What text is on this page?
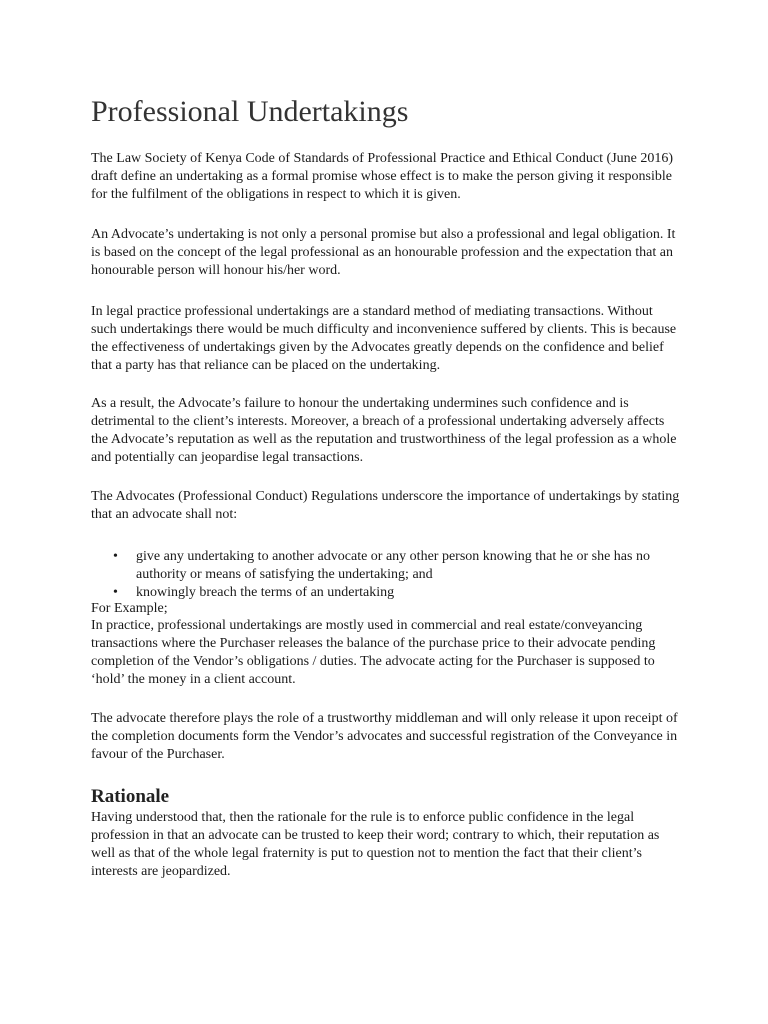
Professional Undertakings

The Law Society of Kenya Code of Standards of Professional Practice and Ethical Conduct (June 2016) draft define an undertaking as a formal promise whose effect is to make the person giving it responsible for the fulfilment of the obligations in respect to which it is given.

An Advocate’s undertaking is not only a personal promise but also a professional and legal obligation. It is based on the concept of the legal professional as an honourable profession and the expectation that an honourable person will honour his/her word.

In legal practice professional undertakings are a standard method of mediating transactions. Without such undertakings there would be much difficulty and inconvenience suffered by clients. This is because the effectiveness of undertakings given by the Advocates greatly depends on the confidence and belief that a party has that reliance can be placed on the undertaking.

As a result, the Advocate’s failure to honour the undertaking undermines such confidence and is detrimental to the client’s interests. Moreover, a breach of a professional undertaking adversely affects the Advocate’s reputation as well as the reputation and trustworthiness of the legal profession as a whole and potentially can jeopardise legal transactions.

The Advocates (Professional Conduct) Regulations underscore the importance of undertakings by stating that an advocate shall not:

• give any undertaking to another advocate or any other person knowing that he or she has no authority or means of satisfying the undertaking; and
• knowingly breach the terms of an undertaking

For Example;

In practice, professional undertakings are mostly used in commercial and real estate/conveyancing transactions where the Purchaser releases the balance of the purchase price to their advocate pending completion of the Vendor’s obligations / duties. The advocate acting for the Purchaser is supposed to ‘hold’ the money in a client account.

The advocate therefore plays the role of a trustworthy middleman and will only release it upon receipt of the completion documents form the Vendor’s advocates and successful registration of the Conveyance in favour of the Purchaser.

Rationale

Having understood that, then the rationale for the rule is to enforce public confidence in the legal profession in that an advocate can be trusted to keep their word; contrary to which, their reputation as well as that of the whole legal fraternity is put to question not to mention the fact that their client’s interests are jeopardized.
